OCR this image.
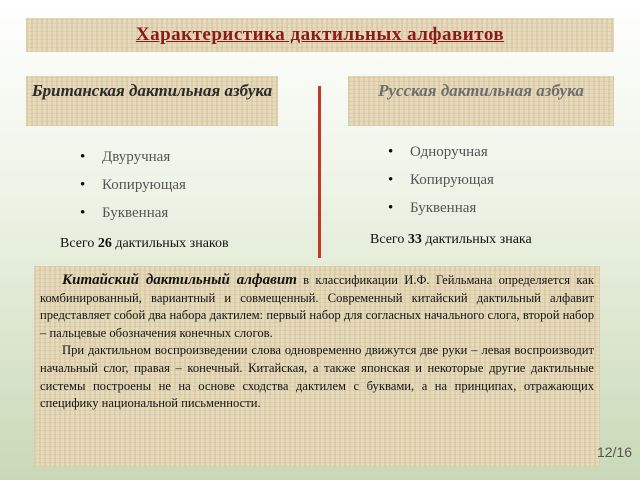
Характеристика дактильных алфавитов
Британская дактильная азбука	Русская дактильная азбука
• Двуручная
• Копирующая
• Буквенная
• Одноручная
• Копирующая
• Буквенная
Всего 26 дактильных знаков	Всего 33 дактильных знака

Китайский дактильный алфавит в классификации И.Ф. Гейльмана определяется как комбинированный, вариантный и совмещенный. Современный китайский дактильный алфавит представляет собой два набора дактилем: первый набор для согласных начального слога, второй набор – пальцевые обозначения конечных слогов.

При дактильном воспроизведении слова одновременно движутся две руки – левая воспроизводит начальный слог, правая – конечный. Китайская, а также японская и некоторые другие дактильные системы построены не на основе сходства дактилем с буквами, а на принципах, отражающих специфику национальной письменности.

12/16
